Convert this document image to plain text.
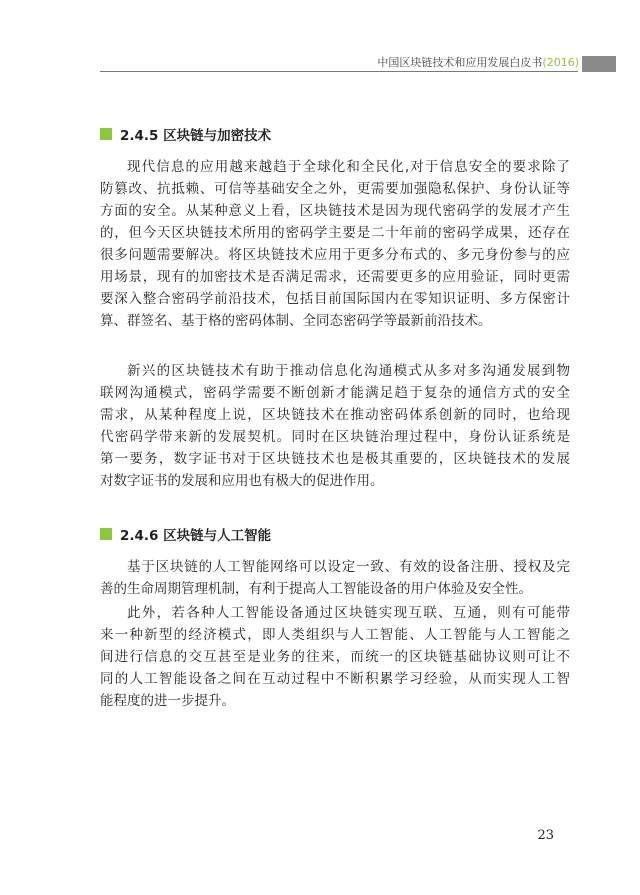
中国区块链技术和应用发展白皮书(2016)
2.4.5 区块链与加密技术
现代信息的应用越来越趋于全球化和全民化,对于信息安全的要求除了
防篡改、抗抵赖、可信等基础安全之外，更需要加强隐私保护、身份认证等
方面的安全。从某种意义上看，区块链技术是因为现代密码学的发展才产生
的，但今天区块链技术所用的密码学主要是二十年前的密码学成果，还存在
很多问题需要解决。将区块链技术应用于更多分布式的、多元身份参与的应
用场景，现有的加密技术是否满足需求，还需要更多的应用验证，同时更需
要深入整合密码学前沿技术，包括目前国际国内在零知识证明、多方保密计
算、群签名、基于格的密码体制、全同态密码学等最新前沿技术。
新兴的区块链技术有助于推动信息化沟通模式从多对多沟通发展到物
联网沟通模式，密码学需要不断创新才能满足趋于复杂的通信方式的安全
需求，从某种程度上说，区块链技术在推动密码体系创新的同时，也给现
代密码学带来新的发展契机。同时在区块链治理过程中，身份认证系统是
第一要务，数字证书对于区块链技术也是极其重要的，区块链技术的发展
对数字证书的发展和应用也有极大的促进作用。
2.4.6 区块链与人工智能
基于区块链的人工智能网络可以设定一致、有效的设备注册、授权及完
善的生命周期管理机制，有利于提高人工智能设备的用户体验及安全性。
此外，若各种人工智能设备通过区块链实现互联、互通，则有可能带
来一种新型的经济模式，即人类组织与人工智能、人工智能与人工智能之
间进行信息的交互甚至是业务的往来，而统一的区块链基础协议则可让不
同的人工智能设备之间在互动过程中不断积累学习经验，从而实现人工智
能程度的进一步提升。
23
